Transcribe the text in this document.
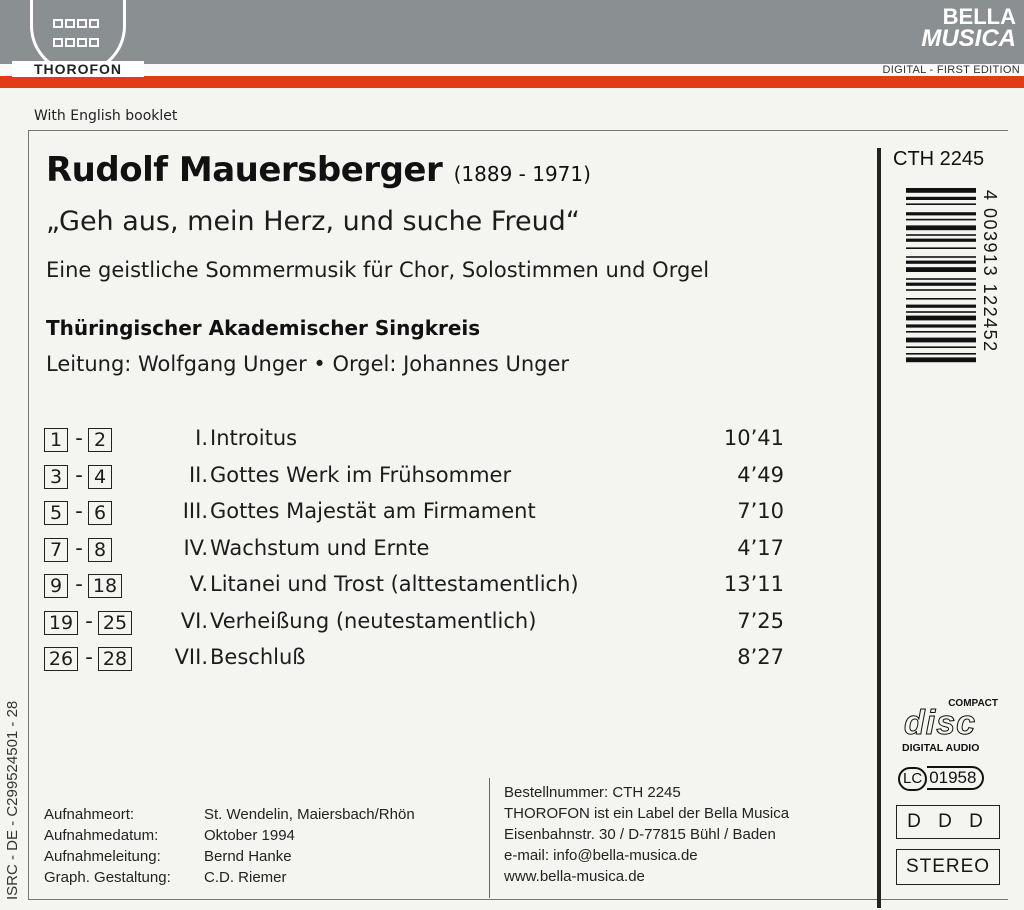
THOROFON
BELLA
MUSICA
DIGITAL - FIRST EDITION
With English booklet
Rudolf Mauersberger (1889 - 1971)
„Geh aus, mein Herz, und suche Freud“
Eine geistliche Sommermusik für Chor, Solostimmen und Orgel
Thüringischer Akademischer Singkreis
Leitung: Wolfgang Unger • Orgel: Johannes Unger
CTH 2245
4 003913 122452
1 - 2	I. Introitus	10’41
3 - 4	II. Gottes Werk im Frühsommer	4’49
5 - 6	III. Gottes Majestät am Firmament	7’10
7 - 8	IV. Wachstum und Ernte	4’17
9 - 18	V. Litanei und Trost (alttestamentlich)	13’11
19 - 25	VI. Verheißung (neutestamentlich)	7’25
26 - 28	VII. Beschluß	8’27
Aufnahmeort:	St. Wendelin, Maiersbach/Rhön
Aufnahmedatum:	Oktober 1994
Aufnahmeleitung:	Bernd Hanke
Graph. Gestaltung: C.D. Riemer
Bestellnummer: CTH 2245
THOROFON ist ein Label der Bella Musica
Eisenbahnstr. 30 / D-77815 Bühl / Baden
e-mail: info@bella-musica.de
www.bella-musica.de
ISRC - DE - C299524501 - 28	COMPACT
disc
DIGITAL AUDIO
LC 01958
D D D
STEREO
